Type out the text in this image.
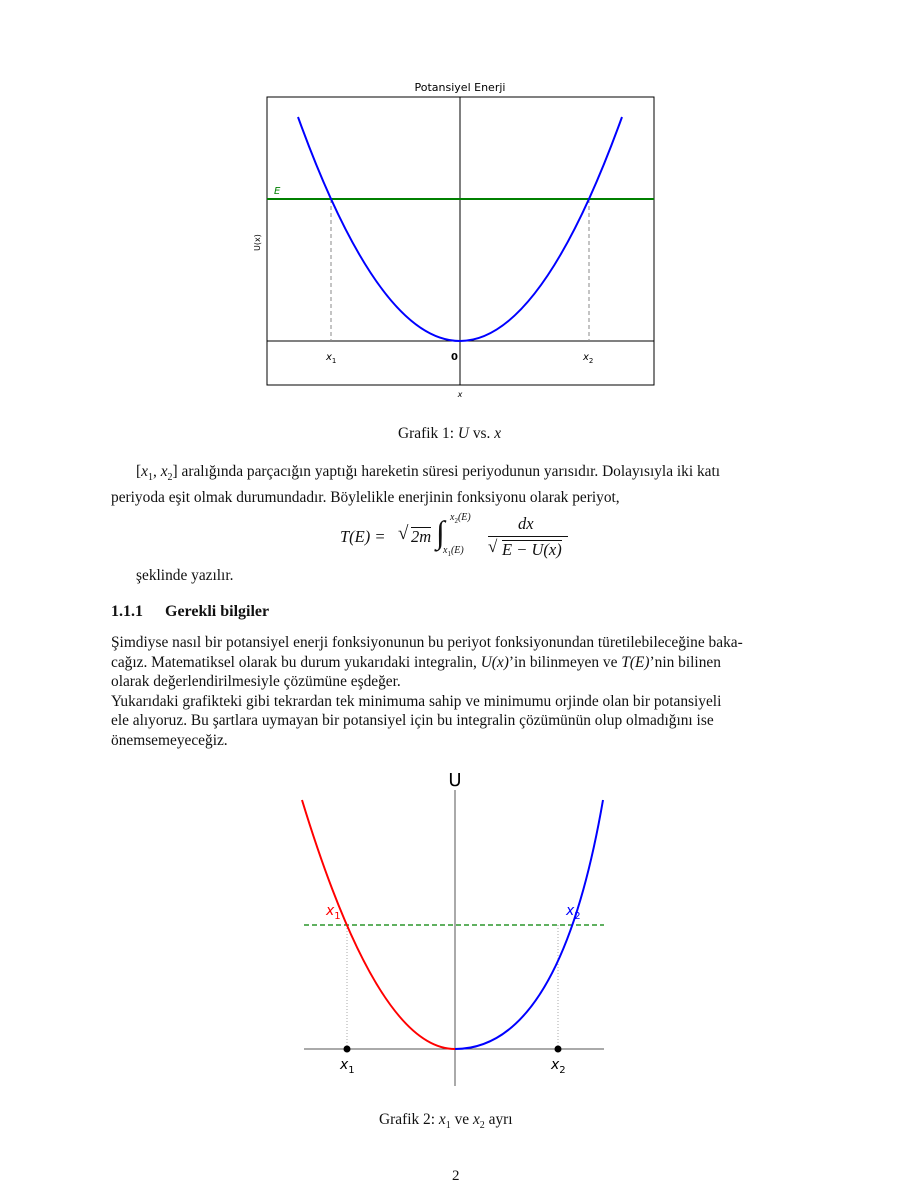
Potansiyel Enerji
E
U(x)
x
$x_1$	0	$x_2$
Grafik 1: U vs. x
[$x_1$, $x_2$] aralığında parçacığın yaptığı hareketin süresi periyodunun yarısıdır. Dolayısıyla iki katı
periyoda eşit olmak durumundadır. Böylelikle enerjinin fonksiyonu olarak periyot,
T(E) = √ 2m ∫ $x_2(E)$
$x_1(E)$
dx
√ E − U(x)
şeklinde yazılır.
1.1.1 Gerekli bilgiler
Şimdiyse nasıl bir potansiyel enerji fonksiyonunun bu periyot fonksiyonundan türetilebileceğine baka-
cağız. Matematiksel olarak bu durum yukarıdaki integralin, U(x)’in bilinmeyen ve T(E)’nin bilinen
olarak değerlendirilmesiyle çözümüne eşdeğer.
Yukarıdaki grafikteki gibi tekrardan tek minimuma sahip ve minimumu orjinde olan bir potansiyeli
ele alıyoruz. Bu şartlara uymayan bir potansiyel için bu integralin çözümünün olup olmadığını ise
önemsemeyeceğiz.
U
$x_1$	$x_2$
$x_1$	$x_2$
Grafik 2: $x_1$ ve $x_2$ ayrı
2
